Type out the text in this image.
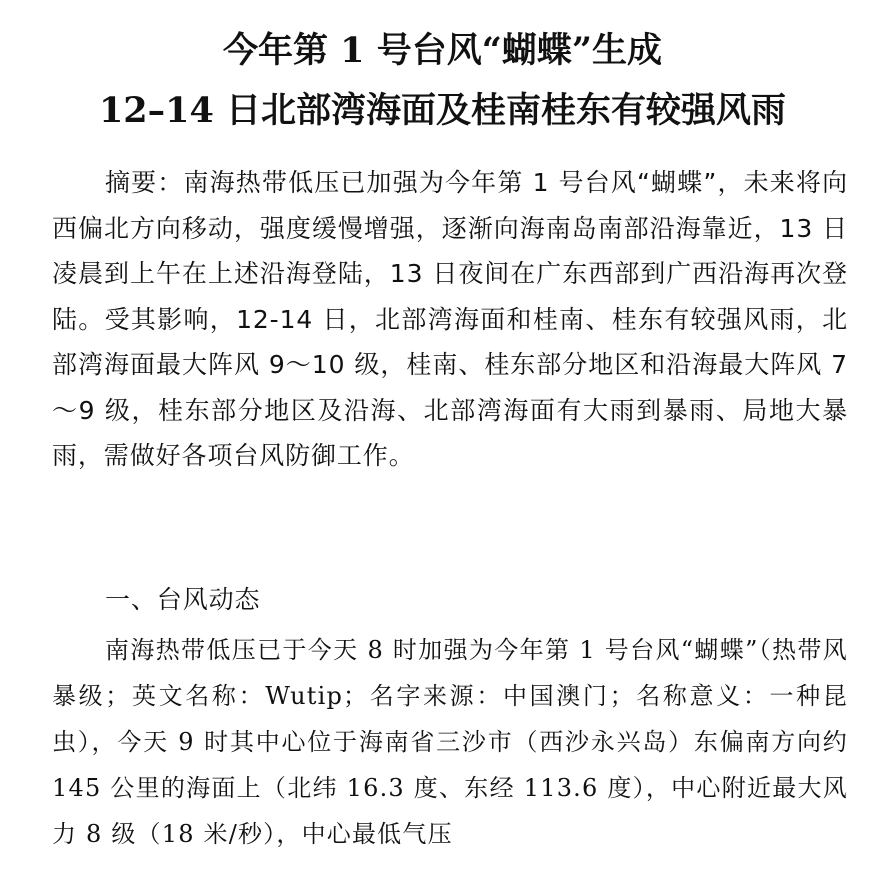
今年第 1 号台风“蝴蝶”生成
12–14 日北部湾海面及桂南桂东有较强风雨

摘要：南海热带低压已加强为今年第 1 号台风“蝴蝶”，未来将向西偏北方向移动，强度缓慢增强，逐渐向海南岛南部沿海靠近，13 日凌晨到上午在上述沿海登陆，13 日夜间在广东西部到广西沿海再次登陆。受其影响，12-14 日，北部湾海面和桂南、桂东有较强风雨，北部湾海面最大阵风 9～10 级，桂南、桂东部分地区和沿海最大阵风 7～9 级，桂东部分地区及沿海、北部湾海面有大雨到暴雨、局地大暴雨，需做好各项台风防御工作。

一、台风动态

南海热带低压已于今天 8 时加强为今年第 1 号台风“蝴蝶”（热带风暴级；英文名称：Wutip；名字来源：中国澳门；名称意义：一种昆虫），今天 9 时其中心位于海南省三沙市（西沙永兴岛）东偏南方向约 145 公里的海面上（北纬 16.3 度、东经 113.6 度），中心附近最大风力 8 级（18 米/秒），中心最低气压
